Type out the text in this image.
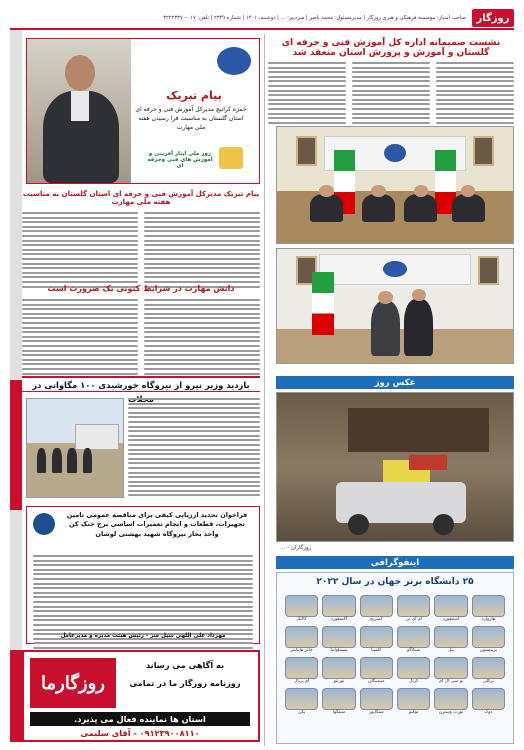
روزگار
صاحب امتیاز: موسسه فرهنگی و هنری روزگار | مدیرمسئول: محمد ناصر | سردبیر: ... | دوشنبه، ۱۴۰۱ | شماره ۲۳۴۹ | تلفن: ۰۱۷-۳۲۲۲۳۳۷۰
نشست صمیمانه اداره کل آموزش فنی و حرفه ای گلستان و آموزش و پرورش استان منعقد شد
عکس روز
روزگاران - ...
اینفوگرافی
۲۵ دانشگاه برتر جهان در سال ۲۰۲۲
هاروارد
استنفورد
ام آی تی
کمبریج
آکسفورد
کالتک
پرینستون
ییل
شیکاگو
کلمبیا
پنسیلوانیا
جانز هاپکینز
برکلی
یو سی ال ای
کرنل
میشیگان
تورنتو
ام پریال
دوک
نورث وسترن
توکیو
سنگاپور
سینگوا
پکن
پیام تبریک
حمزه کراتیچ مدیرکل آموزش فنی و حرفه ای استان گلستان به مناسبت فرا رسیدن هفته ملی مهارت
روز ملی ایثار آفرینی و آموزش های فنی وحرفه ای
پیام تبریک مدیرکل آموزش فنی و حرفه ای استان گلستان به مناسبت هفته ملی مهارت
دانش مهارت در شرایط کنونی یک ضرورت است
بازدید وزیر نیرو از نیروگاه خورشیدی ۱۰۰ مگاواتی در
فراخوان تجدید ارزیابی کیفی برای مناقصه عمومی تامین تجهیزات، قطعات و انجام تعمیرات اساسی برج خنک کن واحد بخار نیروگاه شهید بهشتی لوشان
مهرداد علی اللهی شیل سر - رئیس هیئت مدیره و مدیرعامل
روزگارما
به آگاهی می رساند
روزنامه روزگار ما در تمامی
استان ها نماینده فعال می پذیرد.
۰۹۱۲۳۹۰۰۸۱۱۰ - آقای سلیمی
